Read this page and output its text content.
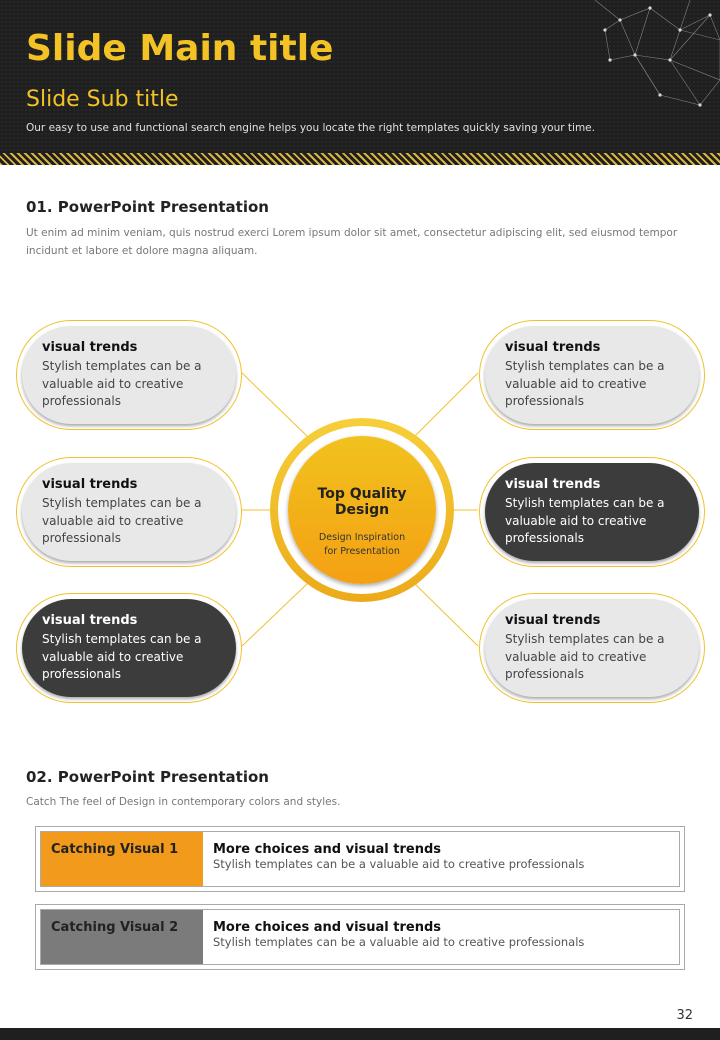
Slide Main title
Slide Sub title
Our easy to use and functional search engine helps you locate the right templates quickly saving your time.
01. PowerPoint Presentation
Ut enim ad minim veniam, quis nostrud exerci Lorem ipsum dolor sit amet, consectetur adipiscing elit, sed eiusmod tempor incidunt et labore et dolore magna aliquam.
visual trends
Stylish templates can be a valuable aid to creative professionals
visual trends
Stylish templates can be a valuable aid to creative professionals
visual trends
Stylish templates can be a valuable aid to creative professionals
visual trends
Stylish templates can be a valuable aid to creative professionals
visual trends
Stylish templates can be a valuable aid to creative professionals
visual trends
Stylish templates can be a valuable aid to creative professionals
Top Quality Design
Design Inspiration
for Presentation
02. PowerPoint Presentation
Catch The feel of Design in contemporary colors and styles.
Catching Visual 1	More choices and visual trends
Stylish templates can be a valuable aid to creative professionals
Catching Visual 2	More choices and visual trends
Stylish templates can be a valuable aid to creative professionals
32
